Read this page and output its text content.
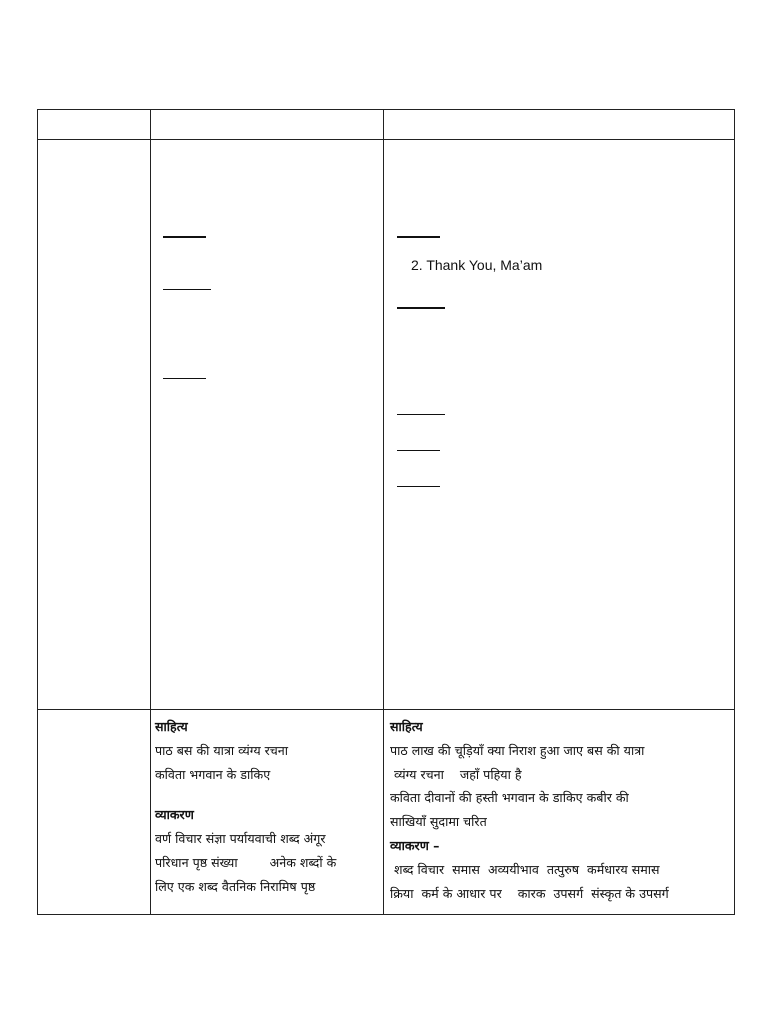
2. Thank You, Ma’am
साहित्य
पाठ बस की यात्रा व्यंग्य रचना
कविता भगवान के डाकिए
व्याकरण
वर्ण विचार संज्ञा पर्यायवाची शब्द अंगूर
परिधान पृष्ठ संख्या        अनेक शब्दों के
लिए एक शब्द वैतनिक निरामिष पृष्ठ
साहित्य
पाठ लाख की चूड़ियाँ क्या निराश हुआ जाए बस की यात्रा
व्यंग्य रचना    जहाँ पहिया है
कविता दीवानों की हस्ती भगवान के डाकिए कबीर की
साखियाँ सुदामा चरित
व्याकरण –
शब्द विचार  समास  अव्ययीभाव  तत्पुरुष  कर्मधारय समास
क्रिया  कर्म के आधार पर    कारक  उपसर्ग  संस्कृत के उपसर्ग
